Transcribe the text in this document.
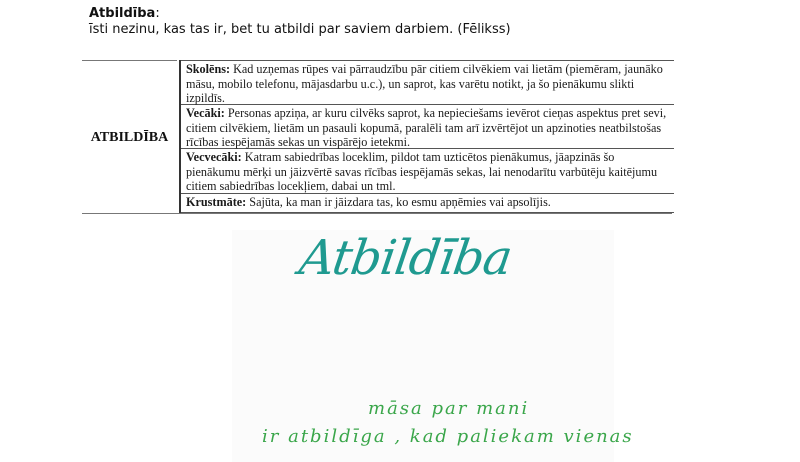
Atbildība:
īsti nezinu, kas tas ir, bet tu atbildi par saviem darbiem. (Fēlikss)
ATBILDĪBA
Skolēns: Kad uzņemas rūpes vai pārraudzību pār citiem cilvēkiem vai lietām (piemēram, jaunāko māsu, mobilo telefonu, mājasdarbu u.c.), un saprot, kas varētu notikt, ja šo pienākumu slikti izpildīs.
Vecāki: Personas apziņa, ar kuru cilvēks saprot, ka nepieciešams ievērot cieņas aspektus pret sevi, citiem cilvēkiem, lietām un pasauli kopumā, paralēli tam arī izvērtējot un apzinoties neatbilstošas rīcības iespējamās sekas un vispārējo ietekmi.
Vecvecāki: Katram sabiedrības loceklim, pildot tam uzticētos pienākumus, jāapzinās šo pienākumu mērķi un jāizvērtē savas rīcības iespējamās sekas, lai nenodarītu varbūtēju kaitējumu citiem sabiedrības locekļiem, dabai un tml.
Krustmāte: Sajūta, ka man ir jāizdara tas, ko esmu apņēmies vai apsolījis.
Atbildība
māsa par mani
ir atbildīga , kad paliekam vienas
